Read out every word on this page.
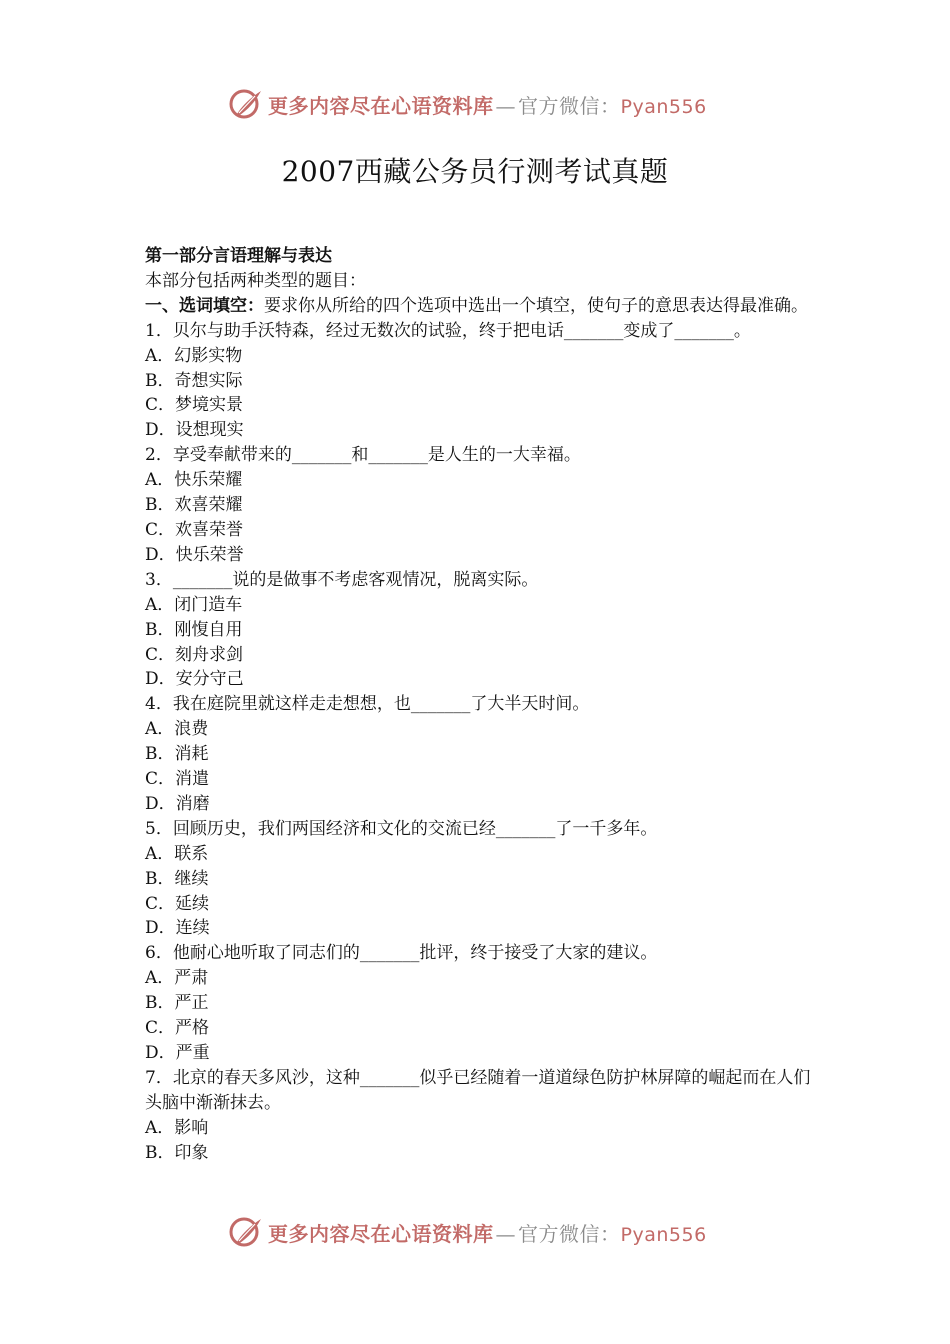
更多内容尽在心语资料库 — 官方微信：Pyan556
2007西藏公务员行测考试真题
第一部分言语理解与表达
本部分包括两种类型的题目：
一、选词填空：要求你从所给的四个选项中选出一个填空，使句子的意思表达得最准确。
1．贝尔与助手沃特森，经过无数次的试验，终于把电话_______变成了_______。
A．幻影实物
B．奇想实际
C．梦境实景
D．设想现实
2．享受奉献带来的_______和_______是人生的一大幸福。
A．快乐荣耀
B．欢喜荣耀
C．欢喜荣誉
D．快乐荣誉
3．_______说的是做事不考虑客观情况，脱离实际。
A．闭门造车
B．刚愎自用
C．刻舟求剑
D．安分守己
4．我在庭院里就这样走走想想，也_______了大半天时间。
A．浪费
B．消耗
C．消遣
D．消磨
5．回顾历史，我们两国经济和文化的交流已经_______了一千多年。
A．联系
B．继续
C．延续
D．连续
6．他耐心地听取了同志们的_______批评，终于接受了大家的建议。
A．严肃
B．严正
C．严格
D．严重
7．北京的春天多风沙，这种_______似乎已经随着一道道绿色防护林屏障的崛起而在人们头脑中渐渐抹去。
A．影响
B．印象
更多内容尽在心语资料库 — 官方微信：Pyan556
